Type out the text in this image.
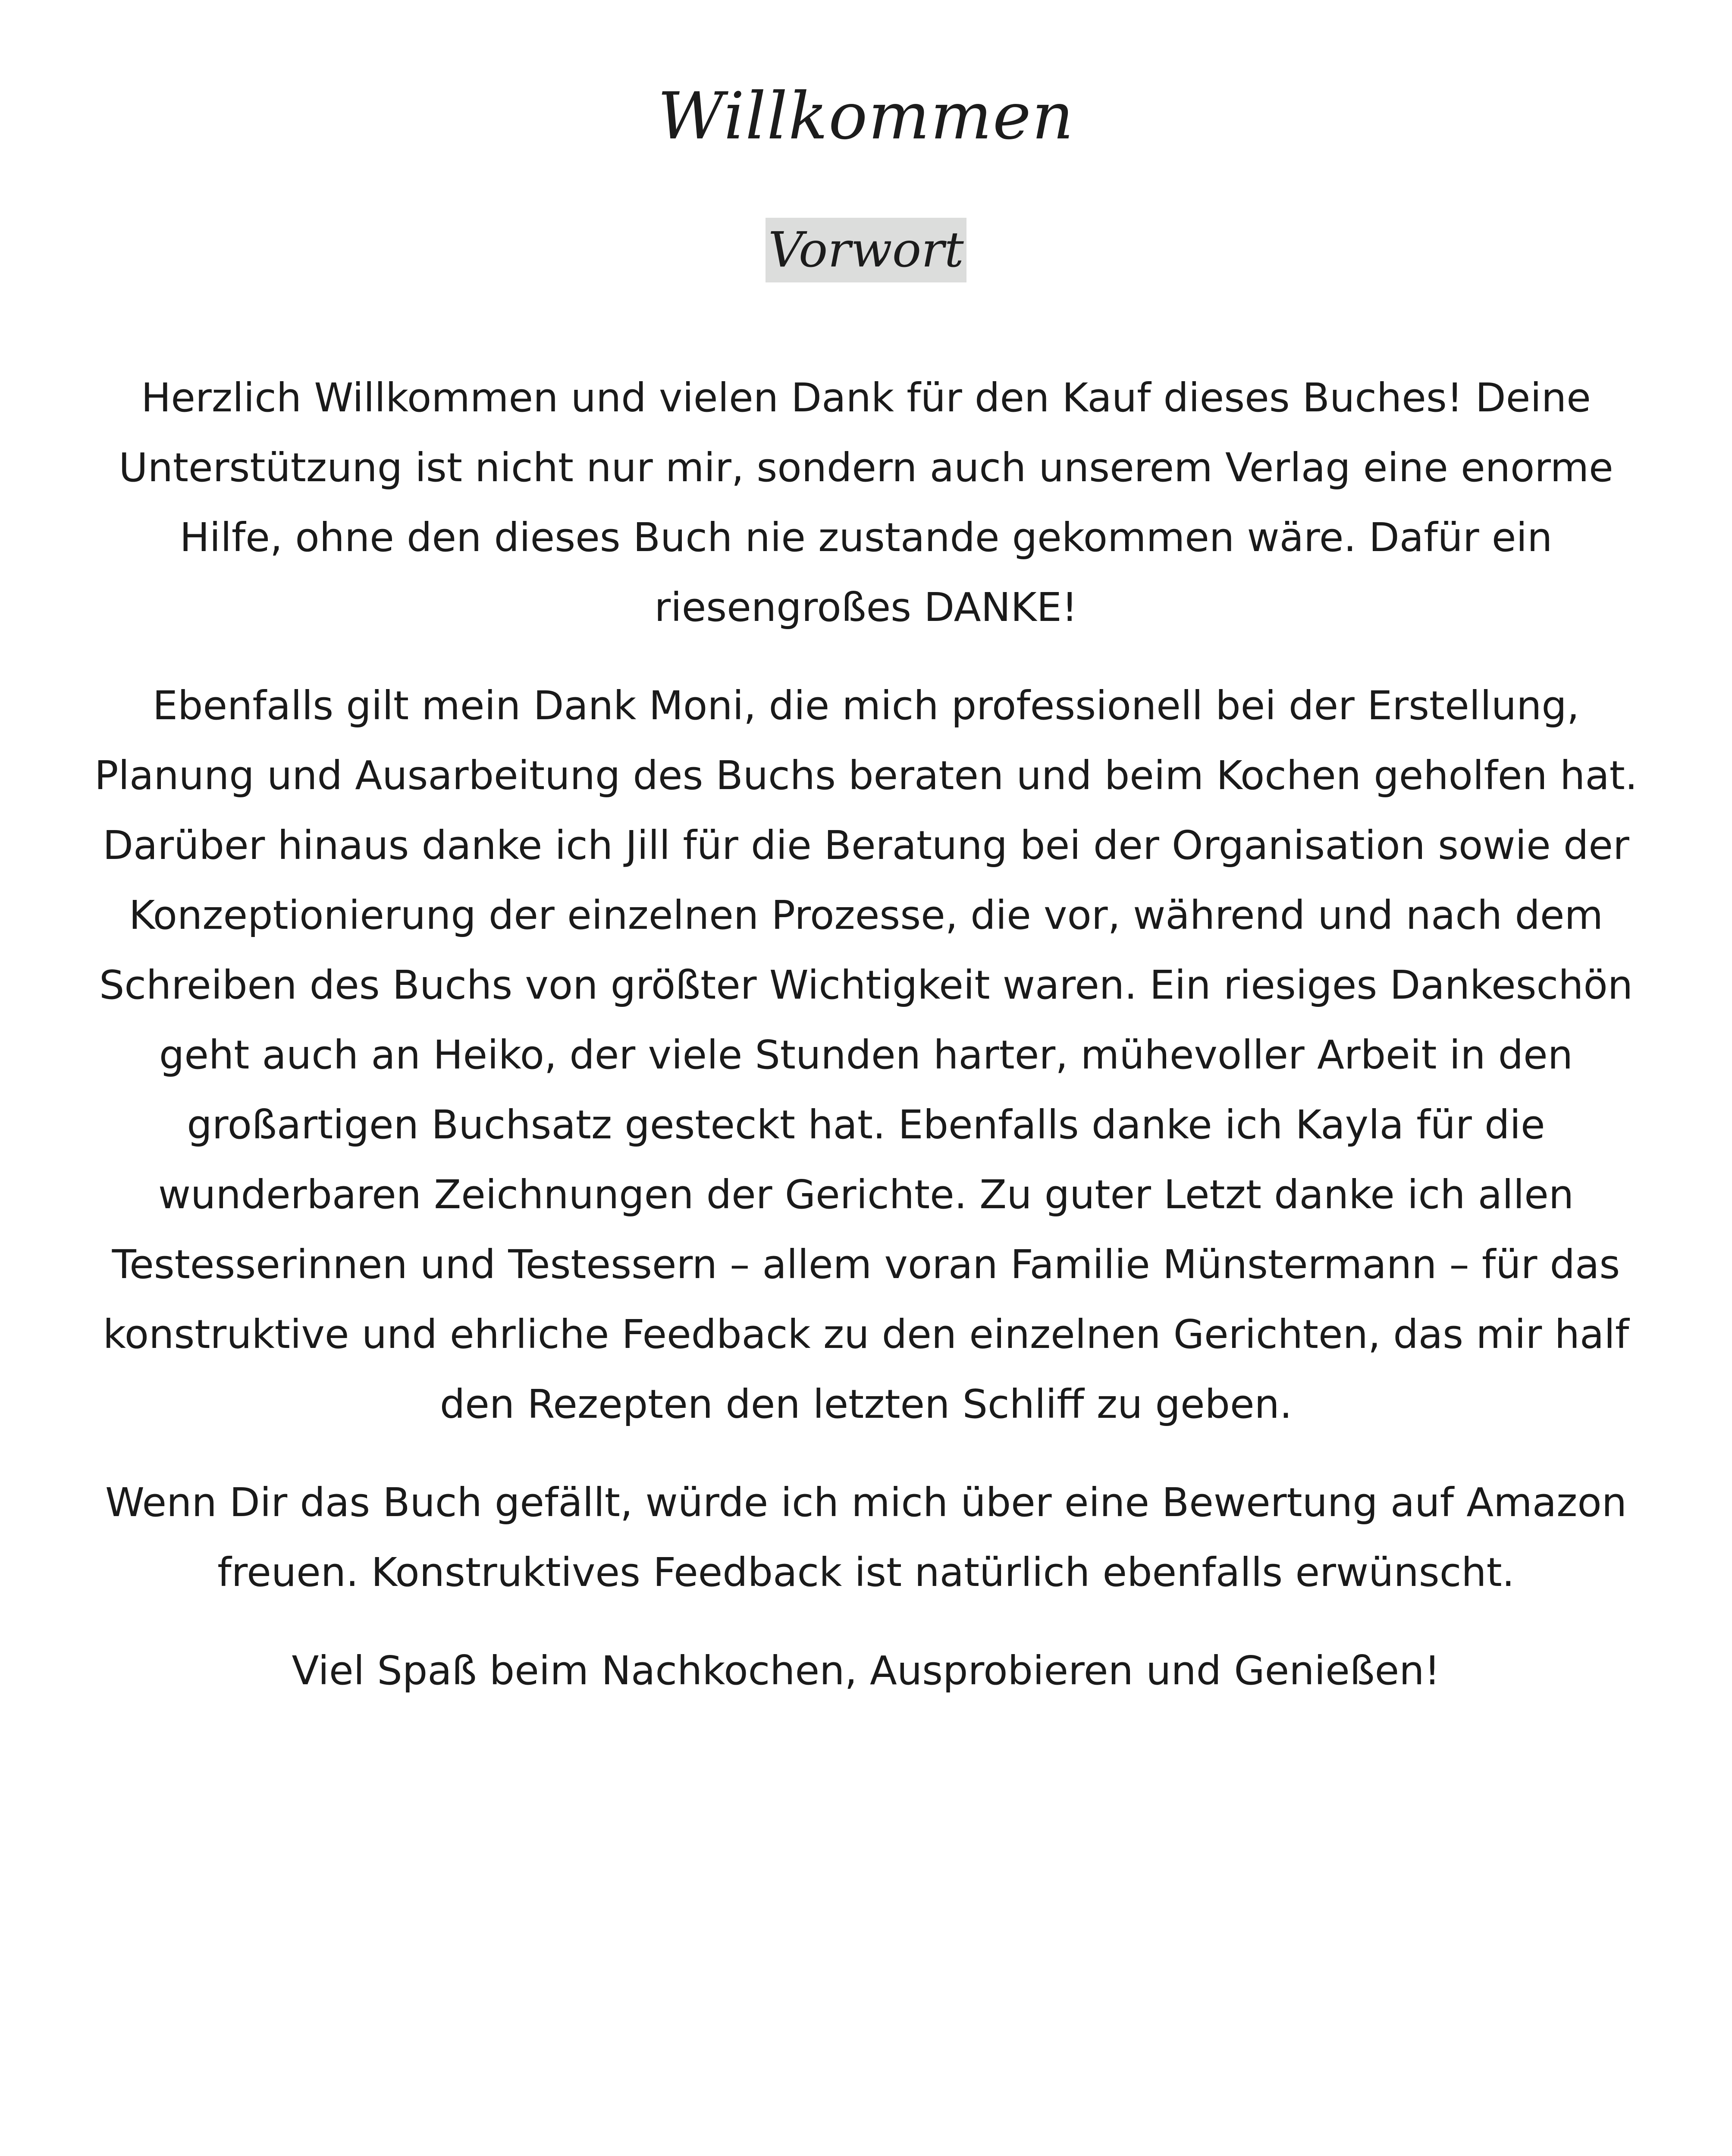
Willkommen
Vorwort

Herzlich Willkommen und vielen Dank für den Kauf dieses Buches! Deine Unterstützung ist nicht nur mir, sondern auch unserem Verlag eine enorme Hilfe, ohne den dieses Buch nie zustande gekommen wäre. Dafür ein riesengroßes DANKE!

Ebenfalls gilt mein Dank Moni, die mich professionell bei der Erstellung, Planung und Ausarbeitung des Buchs beraten und beim Kochen geholfen hat. Darüber hinaus danke ich Jill für die Beratung bei der Organisation sowie der Konzeptionierung der einzelnen Prozesse, die vor, während und nach dem Schreiben des Buchs von größter Wichtigkeit waren. Ein riesiges Dankeschön geht auch an Heiko, der viele Stunden harter, mühevoller Arbeit in den großartigen Buchsatz gesteckt hat. Ebenfalls danke ich Kayla für die wunderbaren Zeichnungen der Gerichte. Zu guter Letzt danke ich allen Testesserinnen und Testessern – allem voran Familie Münstermann – für das konstruktive und ehrliche Feedback zu den einzelnen Gerichten, das mir half den Rezepten den letzten Schliff zu geben.

Wenn Dir das Buch gefällt, würde ich mich über eine Bewertung auf Amazon freuen. Konstruktives Feedback ist natürlich ebenfalls erwünscht.

Viel Spaß beim Nachkochen, Ausprobieren und Genießen!
